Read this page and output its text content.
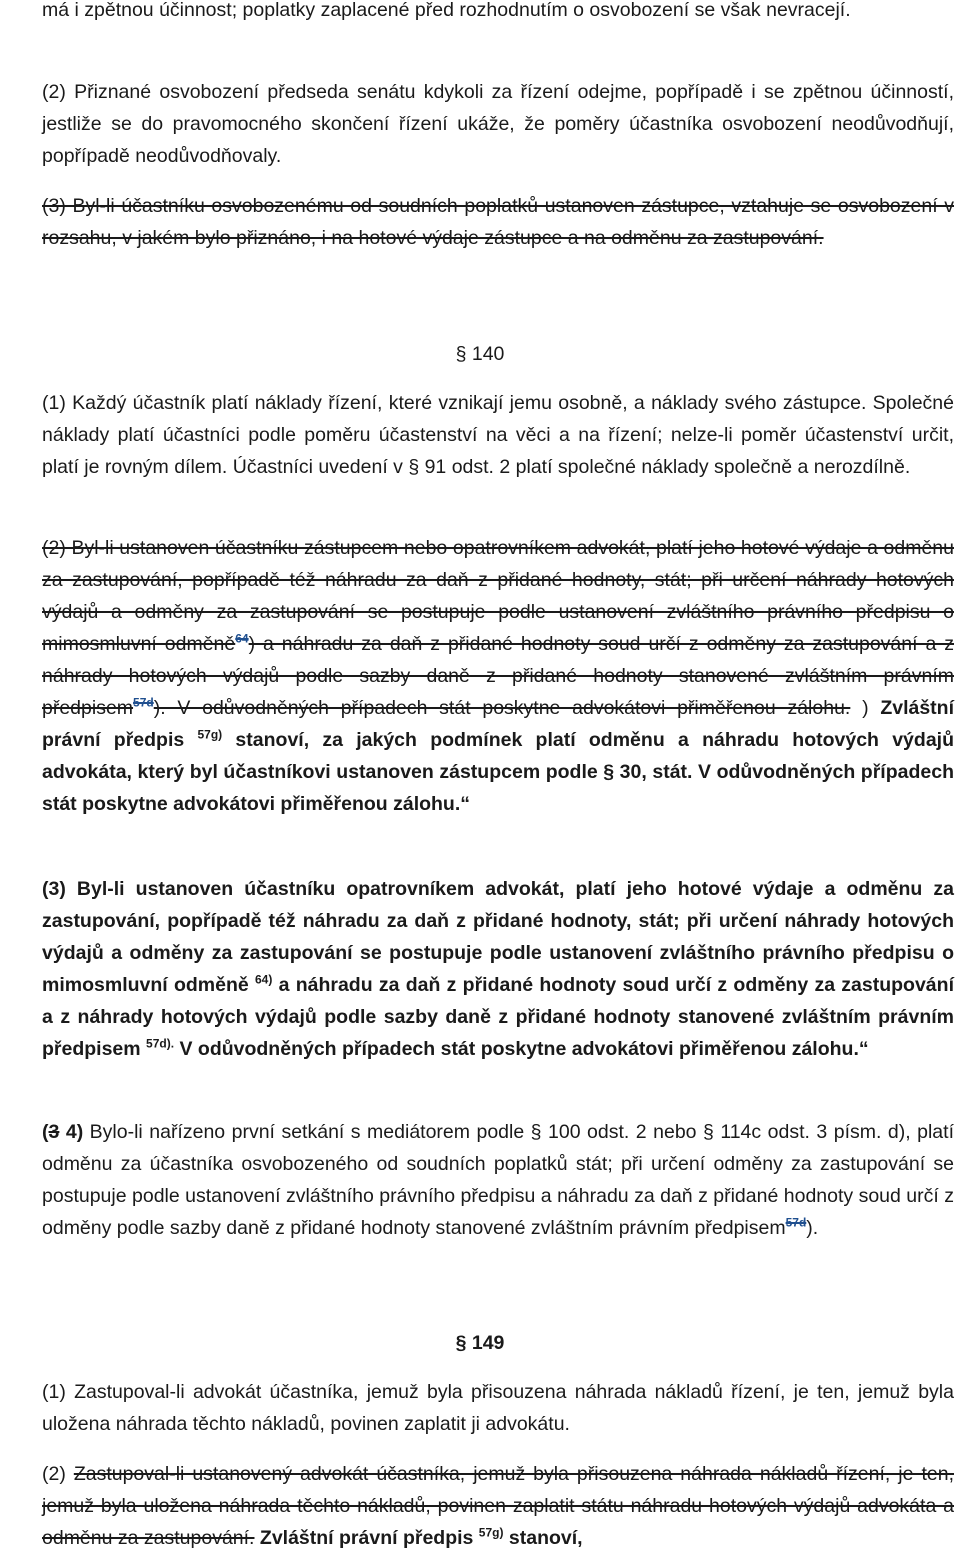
má i zpětnou účinnost; poplatky zaplacené před rozhodnutím o osvobození se však nevracejí.
(2) Přiznané osvobození předseda senátu kdykoli za řízení odejme, popřípadě i se zpětnou účinností, jestliže se do pravomocného skončení řízení ukáže, že poměry účastníka osvobození neodůvodňují, popřípadě neodůvodňovaly.
(3) Byl-li účastníku osvobozenému od soudních poplatků ustanoven zástupce, vztahuje se osvobození v rozsahu, v jakém bylo přiznáno, i na hotové výdaje zástupce a na odměnu za zastupování.
§ 140
(1) Každý účastník platí náklady řízení, které vznikají jemu osobně, a náklady svého zástupce. Společné náklady platí účastníci podle poměru účastenství na věci a na řízení; nelze-li poměr účastenství určit, platí je rovným dílem. Účastníci uvedení v § 91 odst. 2 platí společné náklady společně a nerozdílně.
(2) Byl-li ustanoven účastníku zástupcem nebo opatrovníkem advokát, platí jeho hotové výdaje a odměnu za zastupování, popřípadě též náhradu za daň z přidané hodnoty, stát; při určení náhrady hotových výdajů a odměny za zastupování se postupuje podle ustanovení zvláštního právního předpisu o mimosmluvní odměně$^{64}$) a náhradu za daň z přidané hodnoty soud určí z odměny za zastupování a z náhrady hotových výdajů podle sazby daně z přidané hodnoty stanovené zvláštním právním předpisem$^{57d}$). V odůvodněných případech stát poskytne advokátovi přiměřenou zálohu. ) Zvláštní právní předpis $^{57g)}$ stanoví, za jakých podmínek platí odměnu a náhradu hotových výdajů advokáta, který byl účastníkovi ustanoven zástupcem podle § 30, stát. V odůvodněných případech stát poskytne advokátovi přiměřenou zálohu.“
(3) Byl-li ustanoven účastníku opatrovníkem advokát, platí jeho hotové výdaje a odměnu za zastupování, popřípadě též náhradu za daň z přidané hodnoty, stát; při určení náhrady hotových výdajů a odměny za zastupování se postupuje podle ustanovení zvláštního právního předpisu o mimosmluvní odměně $^{64)}$ a náhradu za daň z přidané hodnoty soud určí z odměny za zastupování a z náhrady hotových výdajů podle sazby daně z přidané hodnoty stanovené zvláštním právním předpisem $^{57d).}$ V odůvodněných případech stát poskytne advokátovi přiměřenou zálohu.“
(3 4) Bylo-li nařízeno první setkání s mediátorem podle § 100 odst. 2 nebo § 114c odst. 3 písm. d), platí odměnu za účastníka osvobozeného od soudních poplatků stát; při určení odměny za zastupování se postupuje podle ustanovení zvláštního právního předpisu a náhradu za daň z přidané hodnoty soud určí z odměny podle sazby daně z přidané hodnoty stanovené zvláštním právním předpisem$^{57d}$).
§ 149
(1) Zastupoval-li advokát účastníka, jemuž byla přisouzena náhrada nákladů řízení, je ten, jemuž byla uložena náhrada těchto nákladů, povinen zaplatit ji advokátu.
(2) Zastupoval-li ustanovený advokát účastníka, jemuž byla přisouzena náhrada nákladů řízení, je ten, jemuž byla uložena náhrada těchto nákladů, povinen zaplatit státu náhradu hotových výdajů advokáta a odměnu za zastupování. Zvláštní právní předpis $^{57g)}$ stanoví,
